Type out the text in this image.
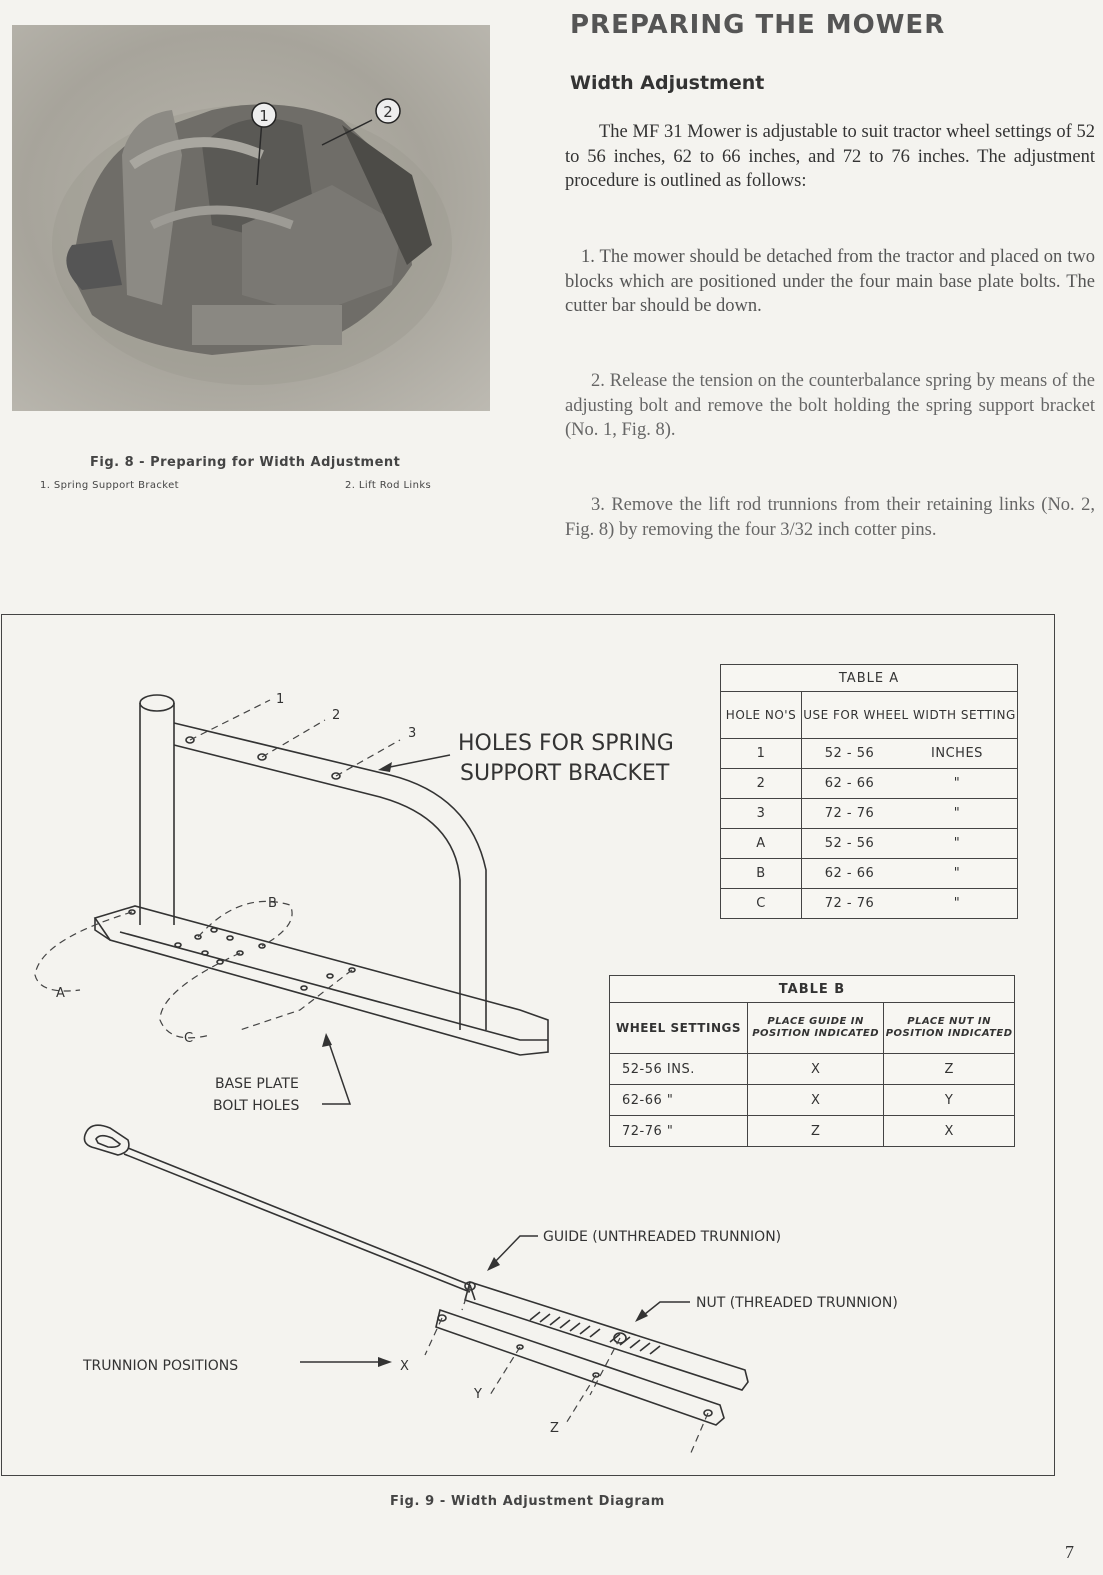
1	2
Fig. 8 - Preparing for Width Adjustment
1. Spring Support Bracket	2. Lift Rod Links
PREPARING THE MOWER
Width Adjustment

The MF 31 Mower is adjustable to suit tractor wheel settings of 52 to 56 inches, 62 to 66 inches, and 72 to 76 inches. The adjustment procedure is outlined as follows:

1. The mower should be detached from the tractor and placed on two blocks which are positioned under the four main base plate bolts. The cutter bar should be down.

2. Release the tension on the counterbalance spring by means of the adjusting bolt and remove the bolt holding the spring support bracket (No. 1, Fig. 8).

3. Remove the lift rod trunnions from their retaining links (No. 2, Fig. 8) by removing the four 3/32 inch cotter pins.

1
2
3
A
B
C
HOLES FOR SPRING
SUPPORT BRACKET
BASE PLATE
BOLT HOLES
GUIDE (UNTHREADED TRUNNION)
NUT (THREADED TRUNNION)
TRUNNION POSITIONS	X
Y
Z
TABLE A		
HOLE NO'S	USE FOR WHEEL WIDTH SETTING	
1	52 - 56	INCHES
2	62 - 66	"
3	72 - 76	"
A	52 - 56	"
B	62 - 66	"
C	72 - 76	"
TABLE B		
WHEEL SETTINGS	PLACE GUIDE IN POSITION INDICATED	PLACE NUT IN POSITION INDICATED
52-56 INS.	X	Z
62-66 "	X	Y
72-76 "	Z	X
Fig. 9 - Width Adjustment Diagram
7
